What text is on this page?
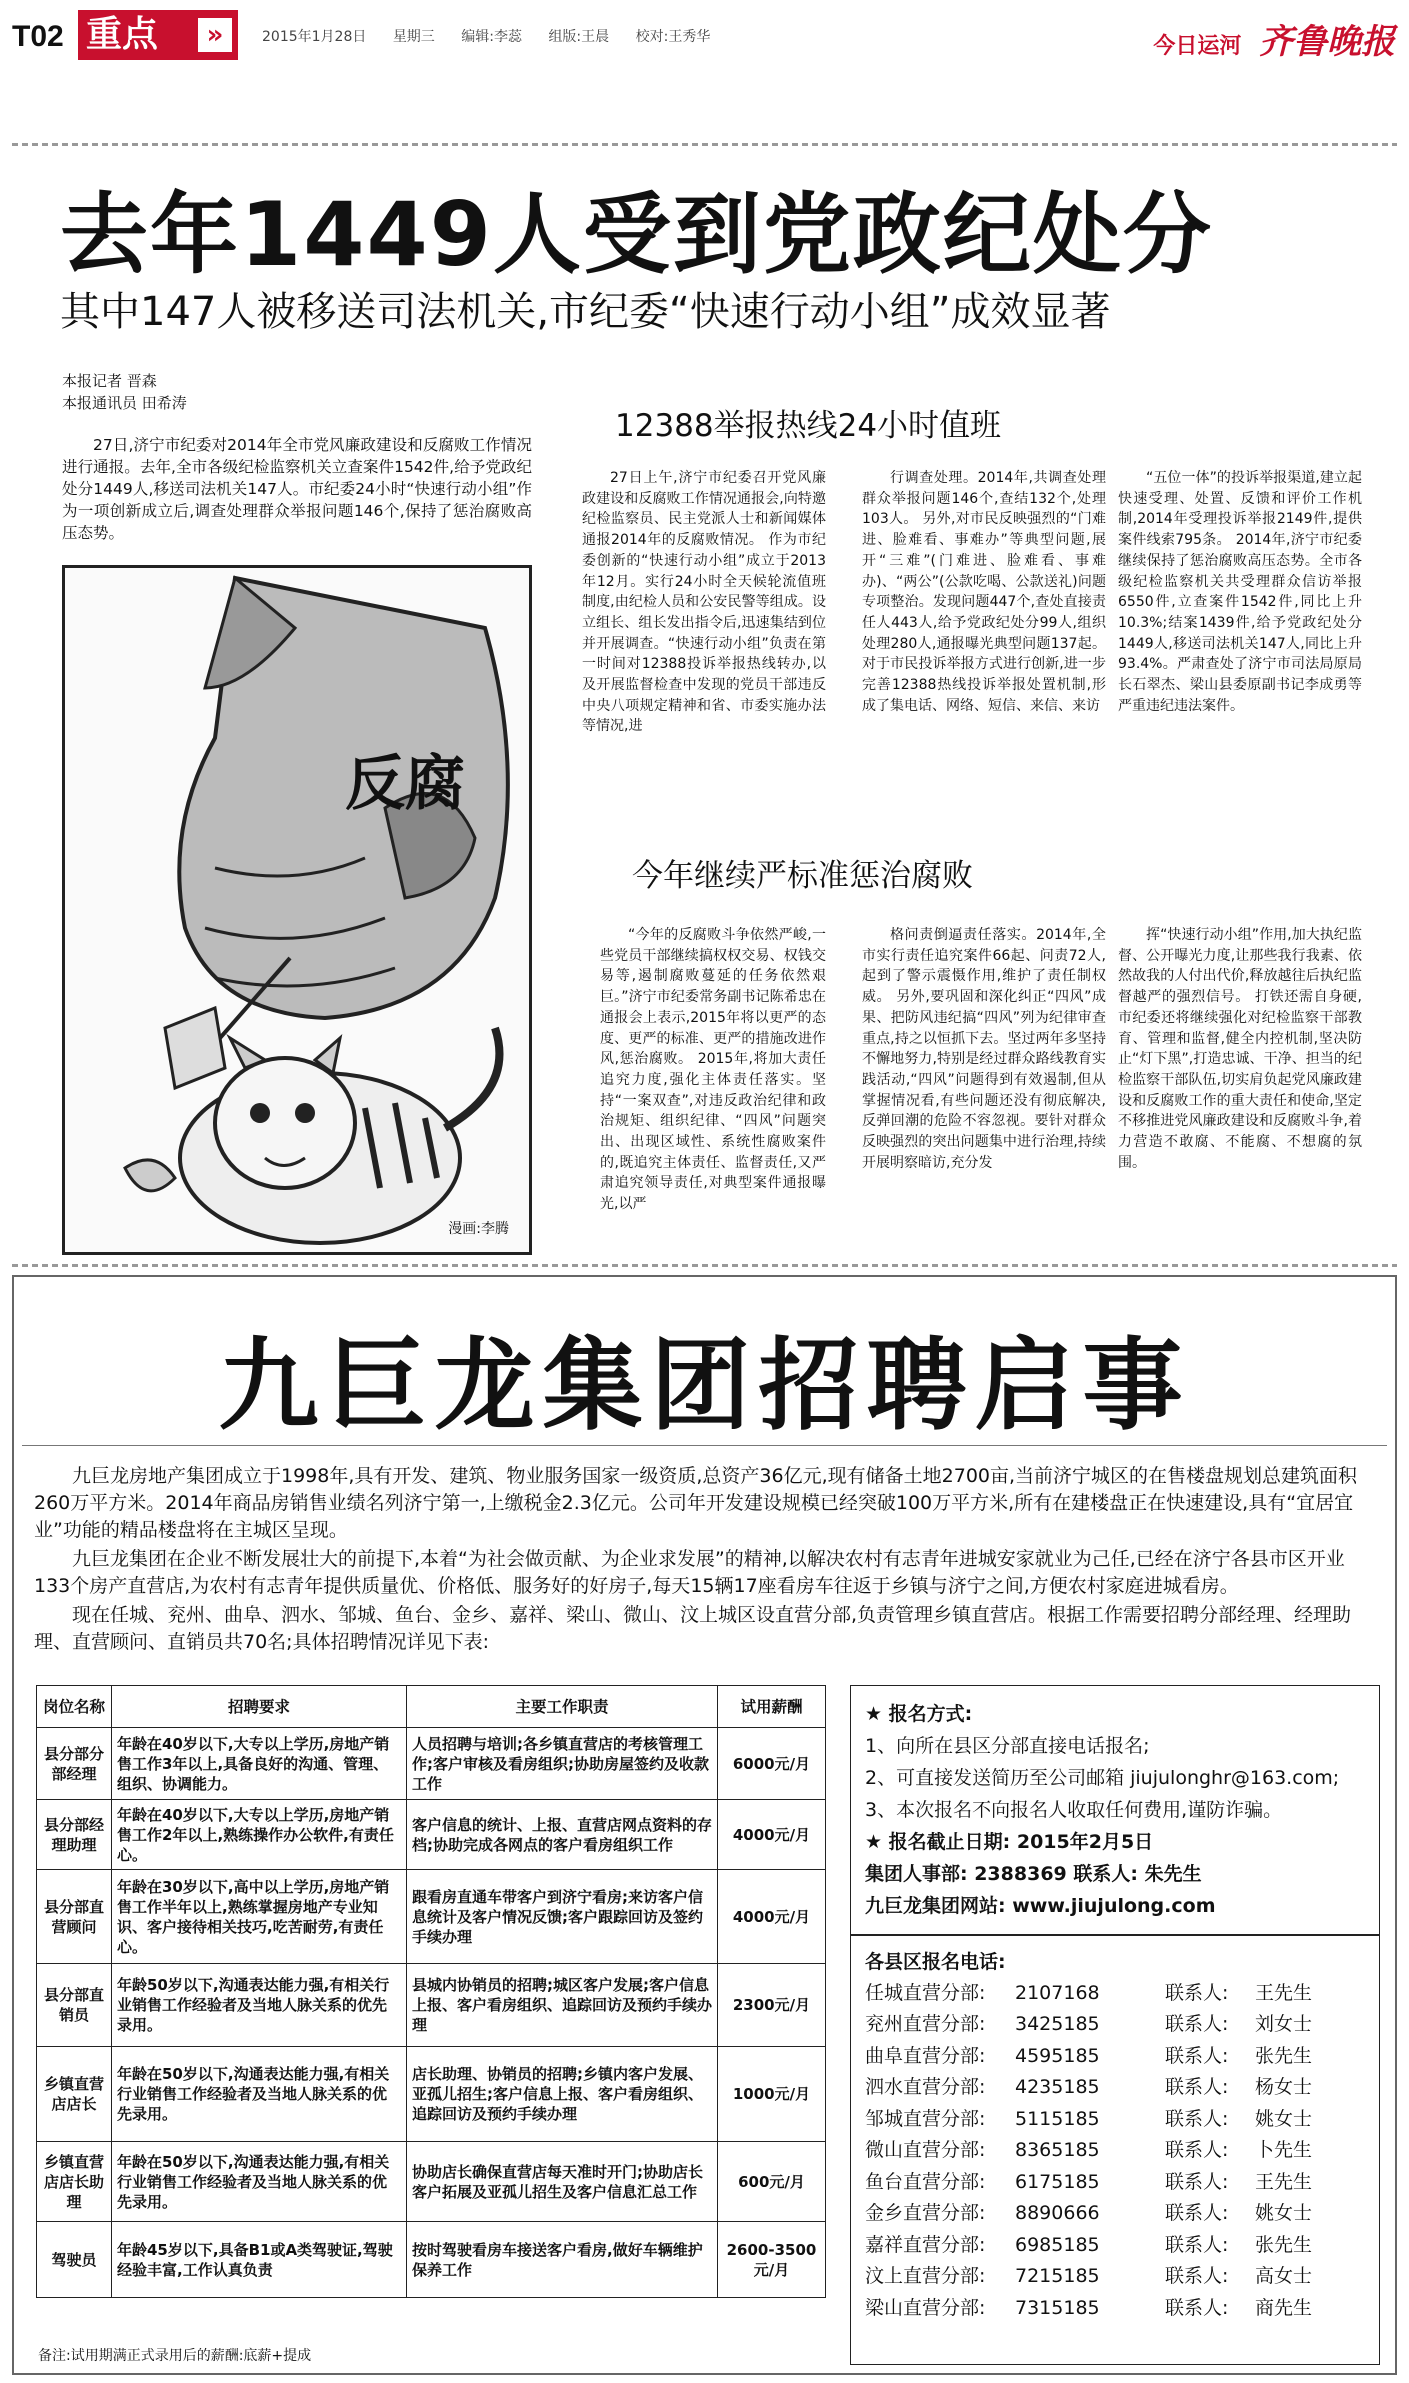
T02 重点	»	2015年1月28日 星期三 编辑:李蕊 组版:王晨 校对:王秀华	今日运河 齐鲁晚报
去年1449人受到党政纪处分
其中147人被移送司法机关,市纪委“快速行动小组”成效显著
本报记者 晋森
本报通讯员 田希涛
27日,济宁市纪委对2014年全市党风廉政建设和反腐败工作情况进行通报。去年,全市各级纪检监察机关立查案件1542件,给予党政纪处分1449人,移送司法机关147人。市纪委24小时“快速行动小组”作为一项创新成立后,调查处理群众举报问题146个,保持了惩治腐败高压态势。
反腐
漫画:李腾
12388举报热线24小时值班
27日上午,济宁市纪委召开党风廉政建设和反腐败工作情况通报会,向特邀纪检监察员、民主党派人士和新闻媒体通报2014年的反腐败情况。 作为市纪委创新的“快速行动小组”成立于2013年12月。实行24小时全天候轮流值班制度,由纪检人员和公安民警等组成。设立组长、组长发出指令后,迅速集结到位并开展调查。“快速行动小组”负责在第一时间对12388投诉举报热线转办,以及开展监督检查中发现的党员干部违反中央八项规定精神和省、市委实施办法等情况,进
行调查处理。2014年,共调查处理群众举报问题146个,查结132个,处理103人。 另外,对市民反映强烈的“门难进、脸难看、事难办”等典型问题,展开“三难”(门难进、脸难看、事难办)、“两公”(公款吃喝、公款送礼)问题专项整治。发现问题447个,查处直接责任人443人,给予党政纪处分99人,组织处理280人,通报曝光典型问题137起。 对于市民投诉举报方式进行创新,进一步完善12388热线投诉举报处置机制,形成了集电话、网络、短信、来信、来访
“五位一体”的投诉举报渠道,建立起快速受理、处置、反馈和评价工作机制,2014年受理投诉举报2149件,提供案件线索795条。 2014年,济宁市纪委继续保持了惩治腐败高压态势。全市各级纪检监察机关共受理群众信访举报6550件,立查案件1542件,同比上升10.3%;结案1439件,给予党政纪处分1449人,移送司法机关147人,同比上升93.4%。严肃查处了济宁市司法局原局长石翠杰、梁山县委原副书记李成勇等严重违纪违法案件。
今年继续严标准惩治腐败
“今年的反腐败斗争依然严峻,一些党员干部继续搞权权交易、权钱交易等,遏制腐败蔓延的任务依然艰巨。”济宁市纪委常务副书记陈希忠在通报会上表示,2015年将以更严的态度、更严的标准、更严的措施改进作风,惩治腐败。 2015年,将加大责任追究力度,强化主体责任落实。坚持“一案双查”,对违反政治纪律和政治规矩、组织纪律、“四风”问题突出、出现区域性、系统性腐败案件的,既追究主体责任、监督责任,又严肃追究领导责任,对典型案件通报曝光,以严
格问责倒逼责任落实。2014年,全市实行责任追究案件66起、问责72人,起到了警示震慑作用,维护了责任制权威。 另外,要巩固和深化纠正“四风”成果、把防风违纪搞“四风”列为纪律审查重点,持之以恒抓下去。坚过两年多坚持不懈地努力,特别是经过群众路线教育实践活动,“四风”问题得到有效遏制,但从掌握情况看,有些问题还没有彻底解决,反弹回潮的危险不容忽视。要针对群众反映强烈的突出问题集中进行治理,持续开展明察暗访,充分发
挥“快速行动小组”作用,加大执纪监督、公开曝光力度,让那些我行我素、依然故我的人付出代价,释放越往后执纪监督越严的强烈信号。 打铁还需自身硬,市纪委还将继续强化对纪检监察干部教育、管理和监督,健全内控机制,坚决防止“灯下黑”,打造忠诚、干净、担当的纪检监察干部队伍,切实肩负起党风廉政建设和反腐败工作的重大责任和使命,坚定不移推进党风廉政建设和反腐败斗争,着力营造不敢腐、不能腐、不想腐的氛围。
九巨龙集团招聘启事

九巨龙房地产集团成立于1998年,具有开发、建筑、物业服务国家一级资质,总资产36亿元,现有储备土地2700亩,当前济宁城区的在售楼盘规划总建筑面积260万平方米。2014年商品房销售业绩名列济宁第一,上缴税金2.3亿元。公司年开发建设规模已经突破100万平方米,所有在建楼盘正在快速建设,具有“宜居宜业”功能的精品楼盘将在主城区呈现。

九巨龙集团在企业不断发展壮大的前提下,本着“为社会做贡献、为企业求发展”的精神,以解决农村有志青年进城安家就业为己任,已经在济宁各县市区开业133个房产直营店,为农村有志青年提供质量优、价格低、服务好的好房子,每天15辆17座看房车往返于乡镇与济宁之间,方便农村家庭进城看房。

现在任城、兖州、曲阜、泗水、邹城、鱼台、金乡、嘉祥、梁山、微山、汶上城区设直营分部,负责管理乡镇直营店。根据工作需要招聘分部经理、经理助理、直营顾问、直销员共70名;具体招聘情况详见下表:

岗位名称	招聘要求	主要工作职责	试用薪酬
县分部分部经理	年龄在40岁以下,大专以上学历,房地产销售工作3年以上,具备良好的沟通、管理、组织、协调能力。	人员招聘与培训;各乡镇直营店的考核管理工作;客户审核及看房组织;协助房屋签约及收款工作	6000元/月
县分部经理助理	年龄在40岁以下,大专以上学历,房地产销售工作2年以上,熟练操作办公软件,有责任心。	客户信息的统计、上报、直营店网点资料的存档;协助完成各网点的客户看房组织工作	4000元/月
县分部直营顾问	年龄在30岁以下,高中以上学历,房地产销售工作半年以上,熟练掌握房地产专业知识、客户接待相关技巧,吃苦耐劳,有责任心。	跟看房直通车带客户到济宁看房;来访客户信息统计及客户情况反馈;客户跟踪回访及签约手续办理	4000元/月
县分部直销员	年龄50岁以下,沟通表达能力强,有相关行业销售工作经验者及当地人脉关系的优先录用。	县城内协销员的招聘;城区客户发展;客户信息上报、客户看房组织、追踪回访及预约手续办理	2300元/月
乡镇直营店店长	年龄在50岁以下,沟通表达能力强,有相关行业销售工作经验者及当地人脉关系的优先录用。	店长助理、协销员的招聘;乡镇内客户发展、亚孤儿招生;客户信息上报、客户看房组织、追踪回访及预约手续办理	1000元/月
乡镇直营店店长助理	年龄在50岁以下,沟通表达能力强,有相关行业销售工作经验者及当地人脉关系的优先录用。	协助店长确保直营店每天准时开门;协助店长客户拓展及亚孤儿招生及客户信息汇总工作	600元/月
驾驶员	年龄45岁以下,具备B1或A类驾驶证,驾驶经验丰富,工作认真负责	按时驾驶看房车接送客户看房,做好车辆维护保养工作	2600-3500元/月
备注:试用期满正式录用后的薪酬:底薪+提成
★ 报名方式:
1、向所在县区分部直接电话报名;
2、可直接发送简历至公司邮箱 jiujulonghr@163.com;
3、本次报名不向报名人收取任何费用,谨防诈骗。
★ 报名截止日期: 2015年2月5日
集团人事部: 2388369 联系人: 朱先生
九巨龙集团网站: www.jiujulong.com
各县区报名电话:
任城直营分部:	2107168	联系人:	王先生
兖州直营分部:	3425185	联系人:	刘女士
曲阜直营分部:	4595185	联系人:	张先生
泗水直营分部:	4235185	联系人:	杨女士
邹城直营分部:	5115185	联系人:	姚女士
微山直营分部:	8365185	联系人:	卜先生
鱼台直营分部:	6175185	联系人:	王先生
金乡直营分部:	8890666	联系人:	姚女士
嘉祥直营分部:	6985185	联系人:	张先生
汶上直营分部:	7215185	联系人:	高女士
梁山直营分部:	7315185	联系人:	商先生
